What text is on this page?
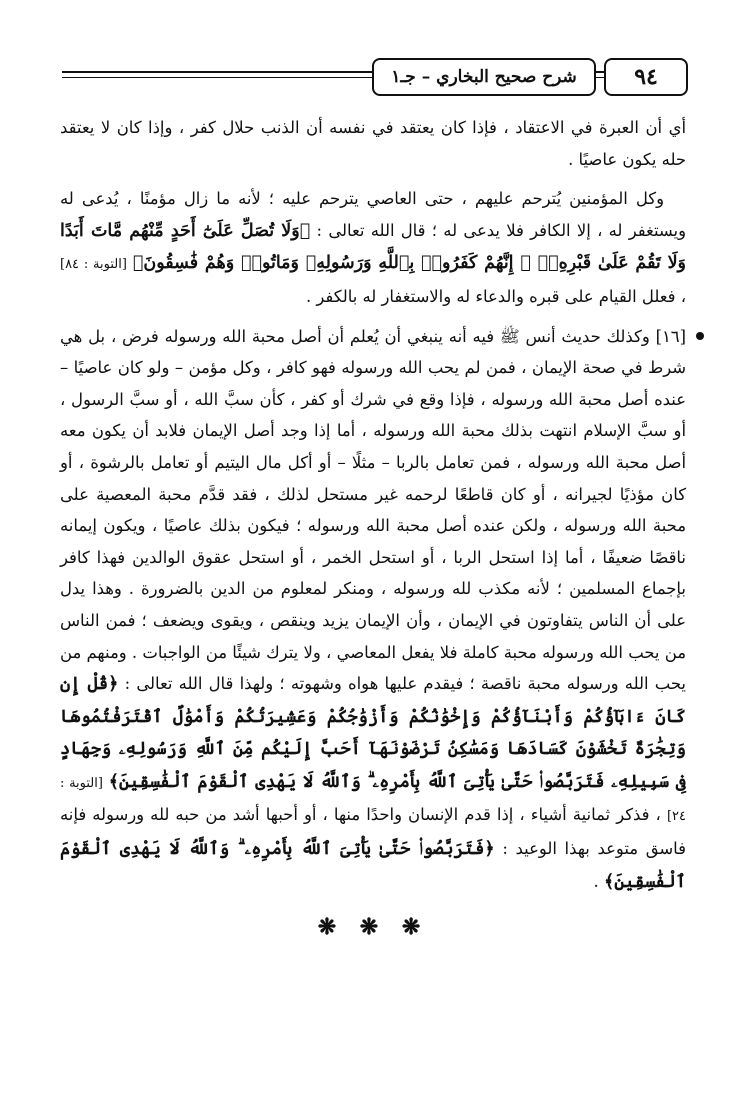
٩٤
شرح صحيح البخاري – جـ١

أي أن العبرة في الاعتقاد ، فإذا كان يعتقد في نفسه أن الذنب حلال كفر ، وإذا كان لا يعتقد حله يكون عاصيًا .

وكل المؤمنين يُترحم عليهم ، حتى العاصي يترحم عليه ؛ لأنه ما زال مؤمنًا ، يُدعى له ويستغفر له ، إلا الكافر فلا يدعى له ؛ قال الله تعالى : ﴿وَلَا تُصَلِّ عَلَىٰٓ أَحَدٍ مِّنْهُم مَّاتَ أَبَدًا وَلَا تَقُمْ عَلَىٰ قَبْرِهِۦٓ ۖ إِنَّهُمْ كَفَرُوا۟ بِٱللَّهِ وَرَسُولِهِۦ وَمَاتُوا۟ وَهُمْ فَٰسِقُونَ﴾ [التوبة : ٨٤] ، فعلل القيام على قبره والدعاء له والاستغفار له بالكفر .

[١٦] وكذلك حديث أنس ﷺ فيه أنه ينبغي أن يُعلم أن أصل محبة الله ورسوله فرض ، بل هي شرط في صحة الإيمان ، فمن لم يحب الله ورسوله فهو كافر ، وكل مؤمن – ولو كان عاصيًا – عنده أصل محبة الله ورسوله ، فإذا وقع في شرك أو كفر ، كأن سبَّ الله ، أو سبَّ الرسول ، أو سبَّ الإسلام انتهت بذلك محبة الله ورسوله ، أما إذا وجد أصل الإيمان فلابد أن يكون معه أصل محبة الله ورسوله ، فمن تعامل بالربا – مثلًا – أو أكل مال اليتيم أو تعامل بالرشوة ، أو كان مؤذيًا لجيرانه ، أو كان قاطعًا لرحمه غير مستحل لذلك ، فقد قدَّم محبة المعصية على محبة الله ورسوله ، ولكن عنده أصل محبة الله ورسوله ؛ فيكون بذلك عاصيًا ، ويكون إيمانه ناقصًا ضعيفًا ، أما إذا استحل الربا ، أو استحل الخمر ، أو استحل عقوق الوالدين فهذا كافر بإجماع المسلمين ؛ لأنه مكذب لله ورسوله ، ومنكر لمعلوم من الدين بالضرورة . وهذا يدل على أن الناس يتفاوتون في الإيمان ، وأن الإيمان يزيد وينقص ، ويقوى ويضعف ؛ فمن الناس من يحب الله ورسوله محبة كاملة فلا يفعل المعاصي ، ولا يترك شيئًا من الواجبات . ومنهم من يحب الله ورسوله محبة ناقصة ؛ فيقدم عليها هواه وشهوته ؛ ولهذا قال الله تعالى : ﴿قُلْ إِن كَانَ ءَابَآؤُكُمْ وَأَبْنَآؤُكُمْ وَإِخْوَٰنُكُمْ وَأَزْوَٰجُكُمْ وَعَشِيرَتُكُمْ وَأَمْوَٰلٌ ٱقْتَرَفْتُمُوهَا وَتِجَٰرَةٌ تَخْشَوْنَ كَسَادَهَا وَمَسَٰكِنُ تَرْضَوْنَهَآ أَحَبَّ إِلَيْكُم مِّنَ ٱللَّهِ وَرَسُولِهِۦ وَجِهَادٍ فِى سَبِيلِهِۦ فَتَرَبَّصُوا۟ حَتَّىٰ يَأْتِىَ ٱللَّهُ بِأَمْرِهِۦ ۗ وَٱللَّهُ لَا يَهْدِى ٱلْقَوْمَ ٱلْفَٰسِقِينَ﴾ [التوبة : ٢٤] ، فذكر ثمانية أشياء ، إذا قدم الإنسان واحدًا منها ، أو أحبها أشد من حبه لله ورسوله فإنه فاسق متوعد بهذا الوعيد : ﴿فَتَرَبَّصُوا۟ حَتَّىٰ يَأْتِىَ ٱللَّهُ بِأَمْرِهِۦ ۗ وَٱللَّهُ لَا يَهْدِى ٱلْقَوْمَ ٱلْفَٰسِقِينَ﴾ .

❋ ❋ ❋
